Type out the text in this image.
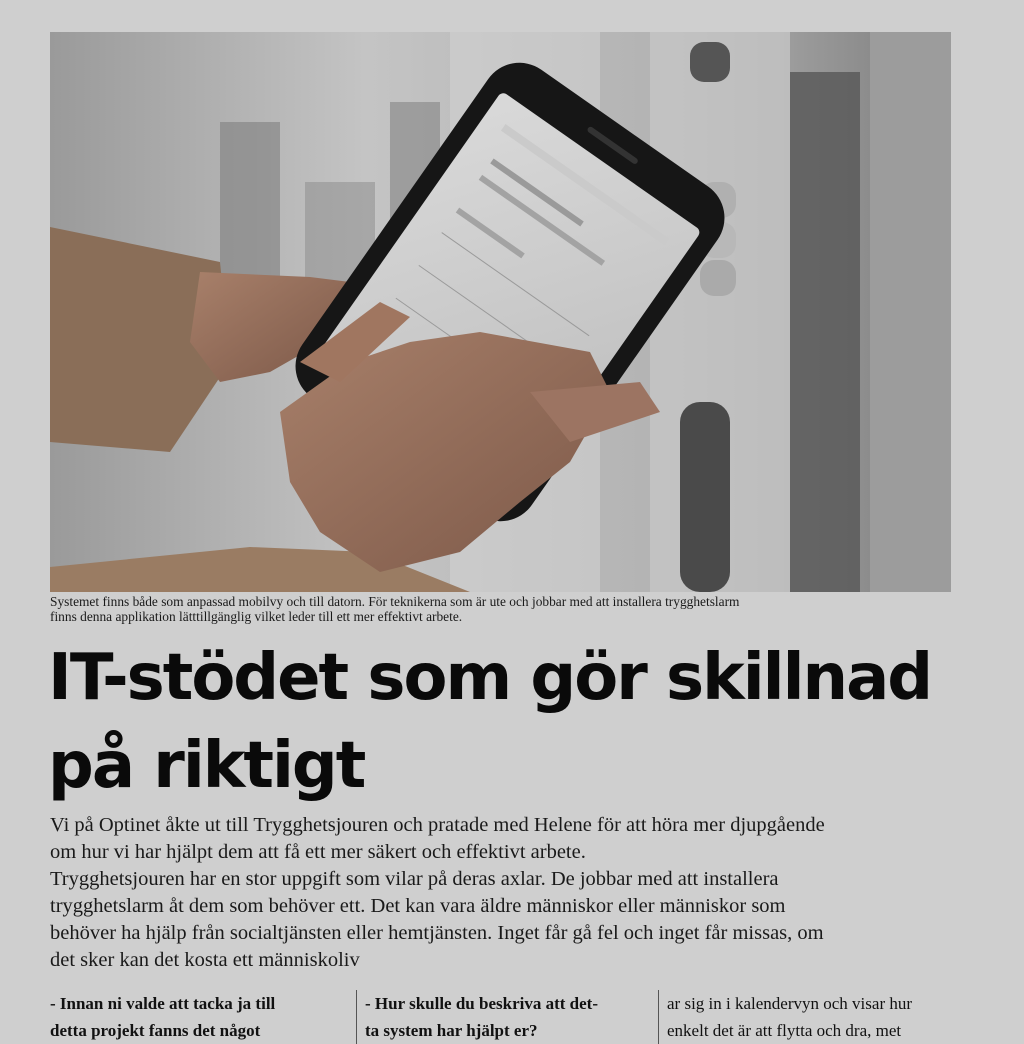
Systemet finns både som anpassad mobilvy och till datorn. För teknikerna som är ute och jobbar med att installera trygghetslarm
finns denna applikation lätttillgänglig vilket leder till ett mer effektivt arbete.
IT-stödet som gör skillnad
på riktigt
Vi på Optinet åkte ut till Trygghetsjouren och pratade med Helene för att höra mer djupgående
om hur vi har hjälpt dem att få ett mer säkert och effektivt arbete.
Trygghetsjouren har en stor uppgift som vilar på deras axlar. De jobbar med att installera
trygghetslarm åt dem som behöver ett. Det kan vara äldre människor eller människor som
behöver ha hjälp från socialtjänsten eller hemtjänsten. Inget får gå fel och inget får missas, om
det sker kan det kosta ett människoliv
- Innan ni valde att tacka ja till
detta projekt fanns det något
- Hur skulle du beskriva att det-
ta system har hjälpt er?
ar sig in i kalendervyn och visar hur
enkelt det är att flytta och dra, met
